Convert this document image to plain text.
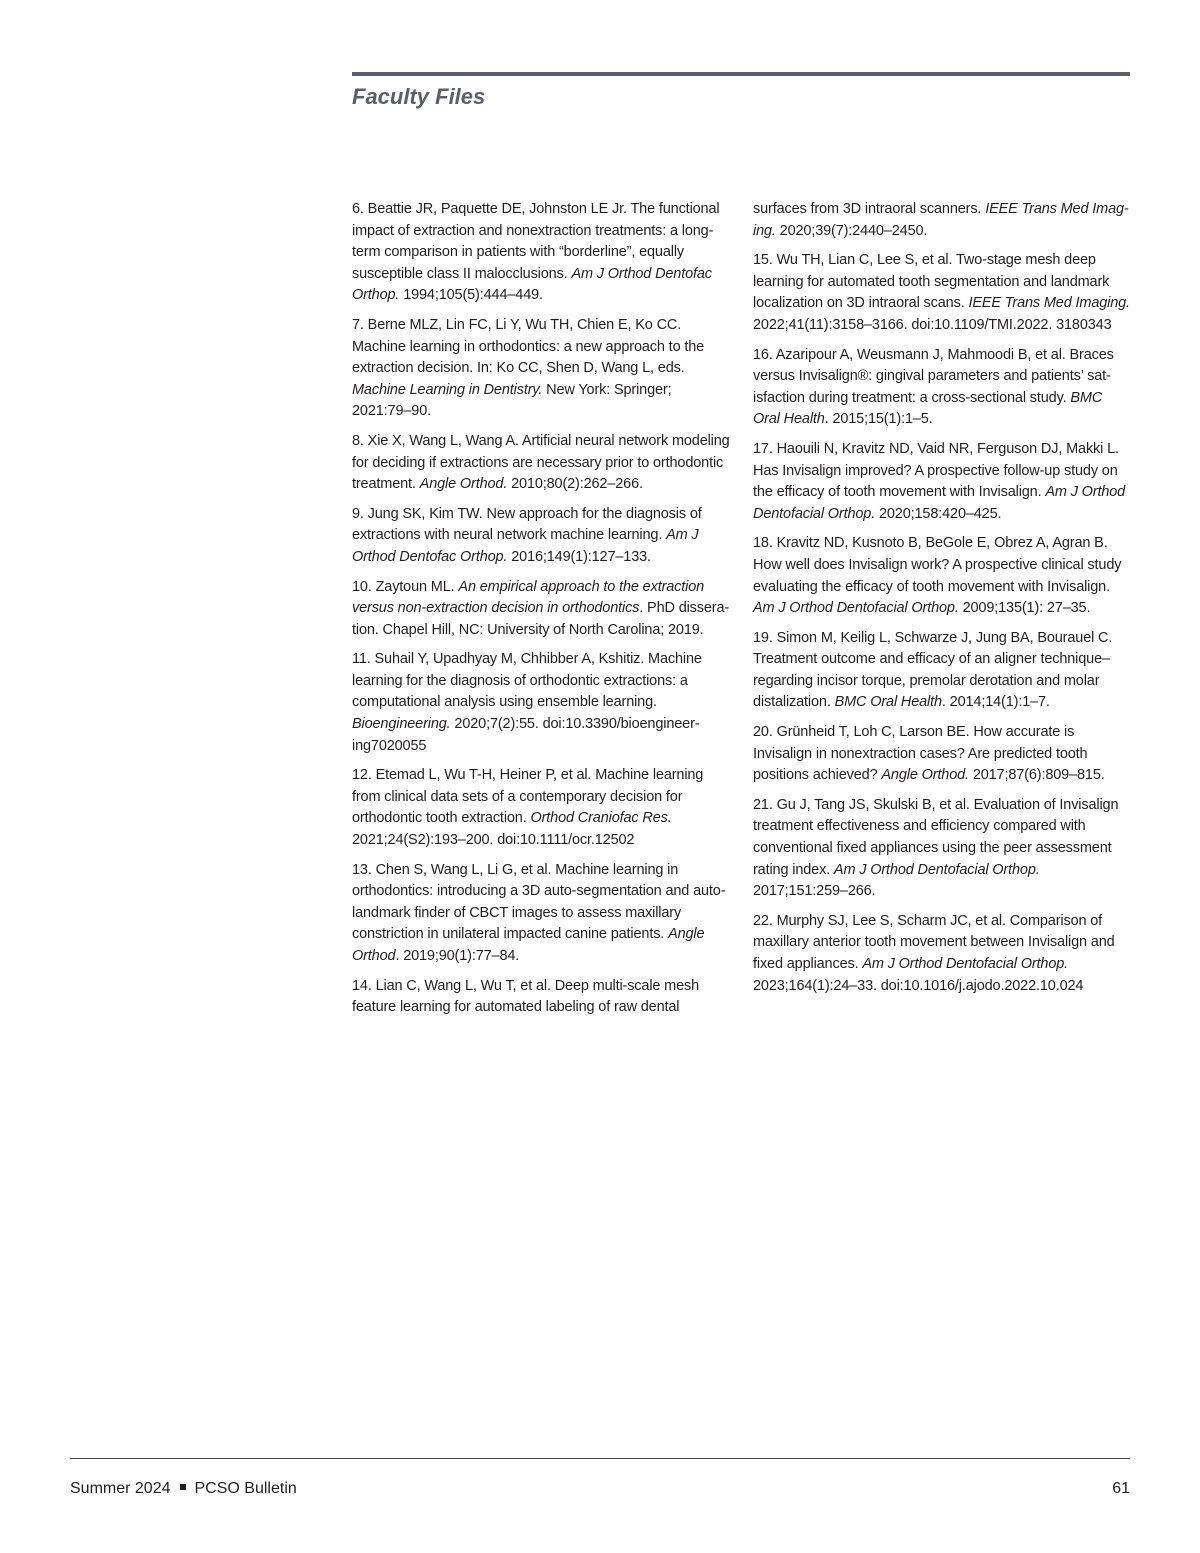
Faculty Files

6. Beattie JR, Paquette DE, Johnston LE Jr. The functional impact of extraction and nonextraction treatments: a long-term comparison in patients with “borderline”, equally susceptible class II malocclusions. Am J Orthod Dentofac Orthop. 1994;105(5):444–449.

7. Berne MLZ, Lin FC, Li Y, Wu TH, Chien E, Ko CC. Machine learning in orthodontics: a new approach to the extraction decision. In: Ko CC, Shen D, Wang L, eds. Machine Learning in Dentistry. New York: Springer; 2021:79–90.

8. Xie X, Wang L, Wang A. Artificial neural network modeling for deciding if extractions are necessary prior to orthodontic treatment. Angle Orthod. 2010;80(2):262–266.

9. Jung SK, Kim TW. New approach for the diagnosis of extractions with neural network machine learning. Am J Orthod Dentofac Orthop. 2016;149(1):127–133.

10. Zaytoun ML. An empirical approach to the extraction versus non-extraction decision in orthodontics. PhD disseration. Chapel Hill, NC: University of North Carolina; 2019.

11. Suhail Y, Upadhyay M, Chhibber A, Kshitiz. Machine learning for the diagnosis of orthodontic extractions: a computational analysis using ensemble learning. Bioengineering. 2020;7(2):55. doi:10.3390/bioengineering7020055

12. Etemad L, Wu T-H, Heiner P, et al. Machine learning from clinical data sets of a contemporary decision for orthodontic tooth extraction. Orthod Craniofac Res. 2021;24(S2):193–200. doi:10.1111/ocr.12502

13. Chen S, Wang L, Li G, et al. Machine learning in orthodontics: introducing a 3D auto-segmentation and auto-landmark finder of CBCT images to assess maxillary constriction in unilateral impacted canine patients. Angle Orthod. 2019;90(1):77–84.

14. Lian C, Wang L, Wu T, et al. Deep multi-scale mesh feature learning for automated labeling of raw dental

surfaces from 3D intraoral scanners. IEEE Trans Med Imaging. 2020;39(7):2440–2450.

15. Wu TH, Lian C, Lee S, et al. Two-stage mesh deep learning for automated tooth segmentation and landmark localization on 3D intraoral scans. IEEE Trans Med Imaging. 2022;41(11):3158–3166. doi:10.1109/TMI.2022. 3180343

16. Azaripour A, Weusmann J, Mahmoodi B, et al. Braces versus Invisalign®: gingival parameters and patients’ satisfaction during treatment: a cross-sectional study. BMC Oral Health. 2015;15(1):1–5.

17. Haouili N, Kravitz ND, Vaid NR, Ferguson DJ, Makki L. Has Invisalign improved? A prospective follow-up study on the efficacy of tooth movement with Invisalign. Am J Orthod Dentofacial Orthop. 2020;158:420–425.

18. Kravitz ND, Kusnoto B, BeGole E, Obrez A, Agran B. How well does Invisalign work? A prospective clinical study evaluating the efficacy of tooth movement with Invisalign. Am J Orthod Dentofacial Orthop. 2009;135(1): 27–35.

19. Simon M, Keilig L, Schwarze J, Jung BA, Bourauel C. Treatment outcome and efficacy of an aligner technique–regarding incisor torque, premolar derotation and molar distalization. BMC Oral Health. 2014;14(1):1–7.

20. Grünheid T, Loh C, Larson BE. How accurate is Invisalign in nonextraction cases? Are predicted tooth positions achieved? Angle Orthod. 2017;87(6):809–815.

21. Gu J, Tang JS, Skulski B, et al. Evaluation of Invisalign treatment effectiveness and efficiency compared with conventional fixed appliances using the peer assessment rating index. Am J Orthod Dentofacial Orthop. 2017;151:259–266.

22. Murphy SJ, Lee S, Scharm JC, et al. Comparison of maxillary anterior tooth movement between Invisalign and fixed appliances. Am J Orthod Dentofacial Orthop. 2023;164(1):24–33. doi:10.1016/j.ajodo.2022.10.024

Summer 2024 PCSO Bulletin	61
